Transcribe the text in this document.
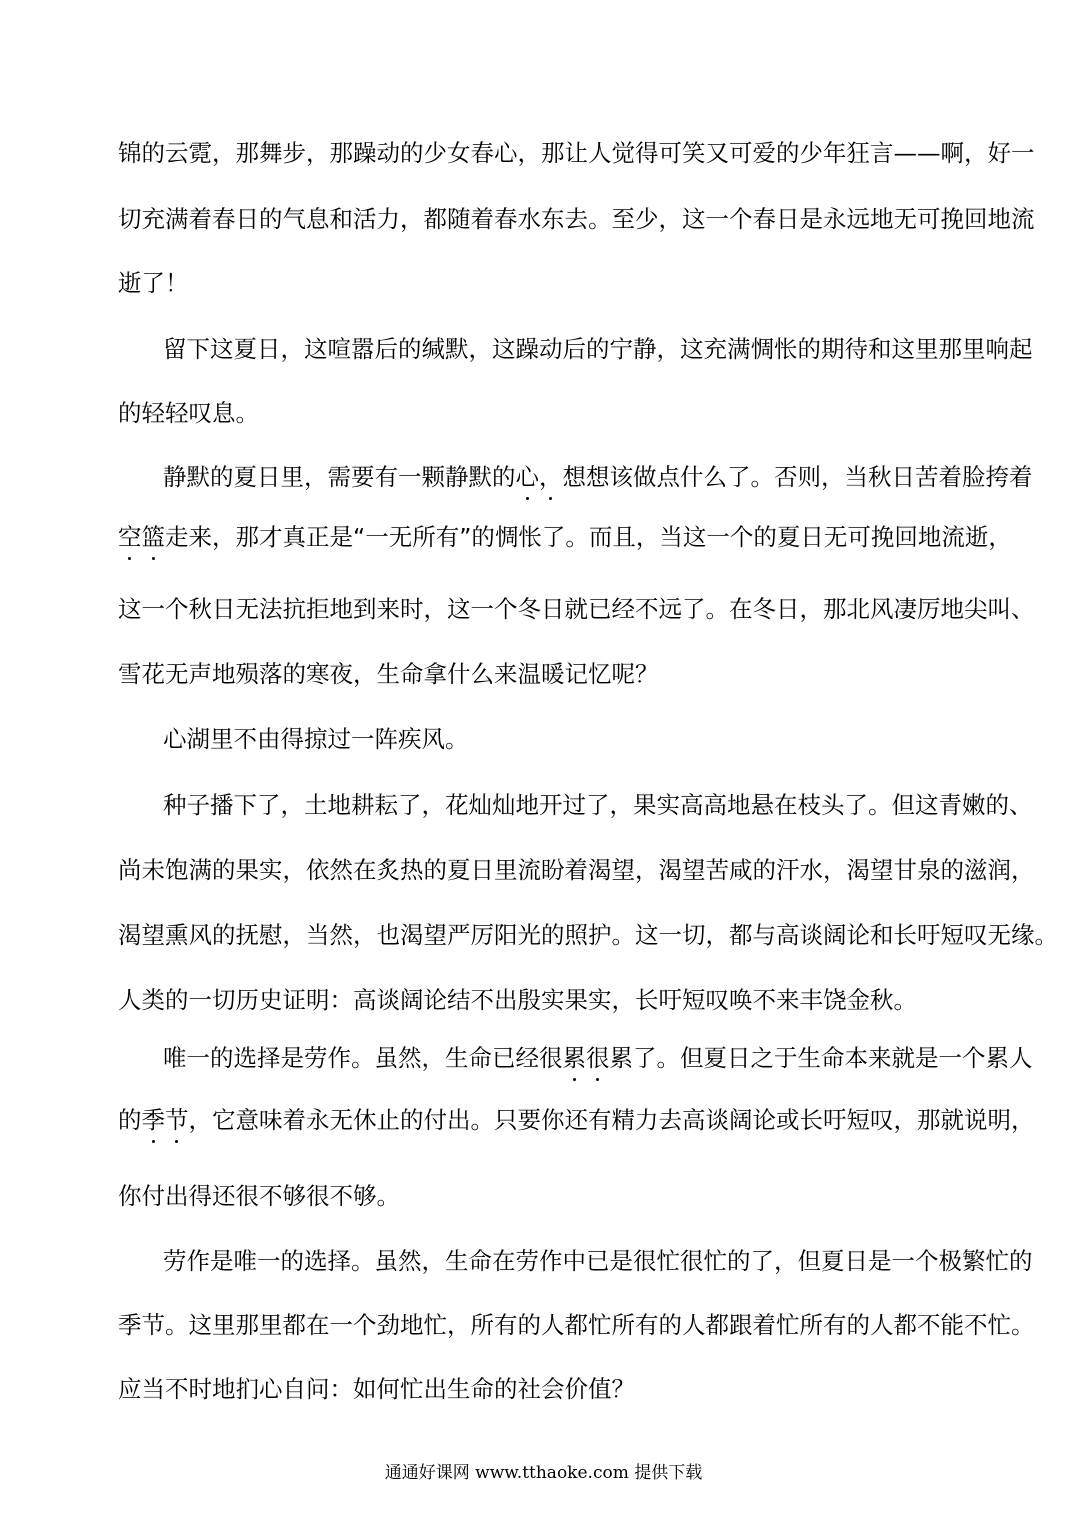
锦的云霓，那舞步，那躁动的少女春心，那让人觉得可笑又可爱的少年狂言——啊，好一
切充满着春日的气息和活力，都随着春水东去。至少，这一个春日是永远地无可挽回地流
逝了！
留下这夏日，这喧嚣后的缄默，这躁动后的宁静，这充满惆怅的期待和这里那里响起
的轻轻叹息。
静默的夏日里，需要有一颗静默的心，想想该做点什么了。否则，当秋日苦着脸挎着
空篮走来，那才真正是“一无所有”的惆怅了。而且，当这一个的夏日无可挽回地流逝，
这一个秋日无法抗拒地到来时，这一个冬日就已经不远了。在冬日，那北风凄厉地尖叫、
雪花无声地殒落的寒夜，生命拿什么来温暖记忆呢？
心湖里不由得掠过一阵疾风。
种子播下了，土地耕耘了，花灿灿地开过了，果实高高地悬在枝头了。但这青嫩的、
尚未饱满的果实，依然在炙热的夏日里流盼着渴望，渴望苦咸的汗水，渴望甘泉的滋润，
渴望熏风的抚慰，当然，也渴望严厉阳光的照护。这一切，都与高谈阔论和长吁短叹无缘。
人类的一切历史证明：高谈阔论结不出殷实果实，长吁短叹唤不来丰饶金秋。
唯一的选择是劳作。虽然，生命已经很累很累了。但夏日之于生命本来就是一个累人
的季节，它意味着永无休止的付出。只要你还有精力去高谈阔论或长吁短叹，那就说明，
你付出得还很不够很不够。
劳作是唯一的选择。虽然，生命在劳作中已是很忙很忙的了，但夏日是一个极繁忙的
季节。这里那里都在一个劲地忙，所有的人都忙所有的人都跟着忙所有的人都不能不忙。
应当不时地扪心自问：如何忙出生命的社会价值？
通通好课网 www.tthaoke.com 提供下载
